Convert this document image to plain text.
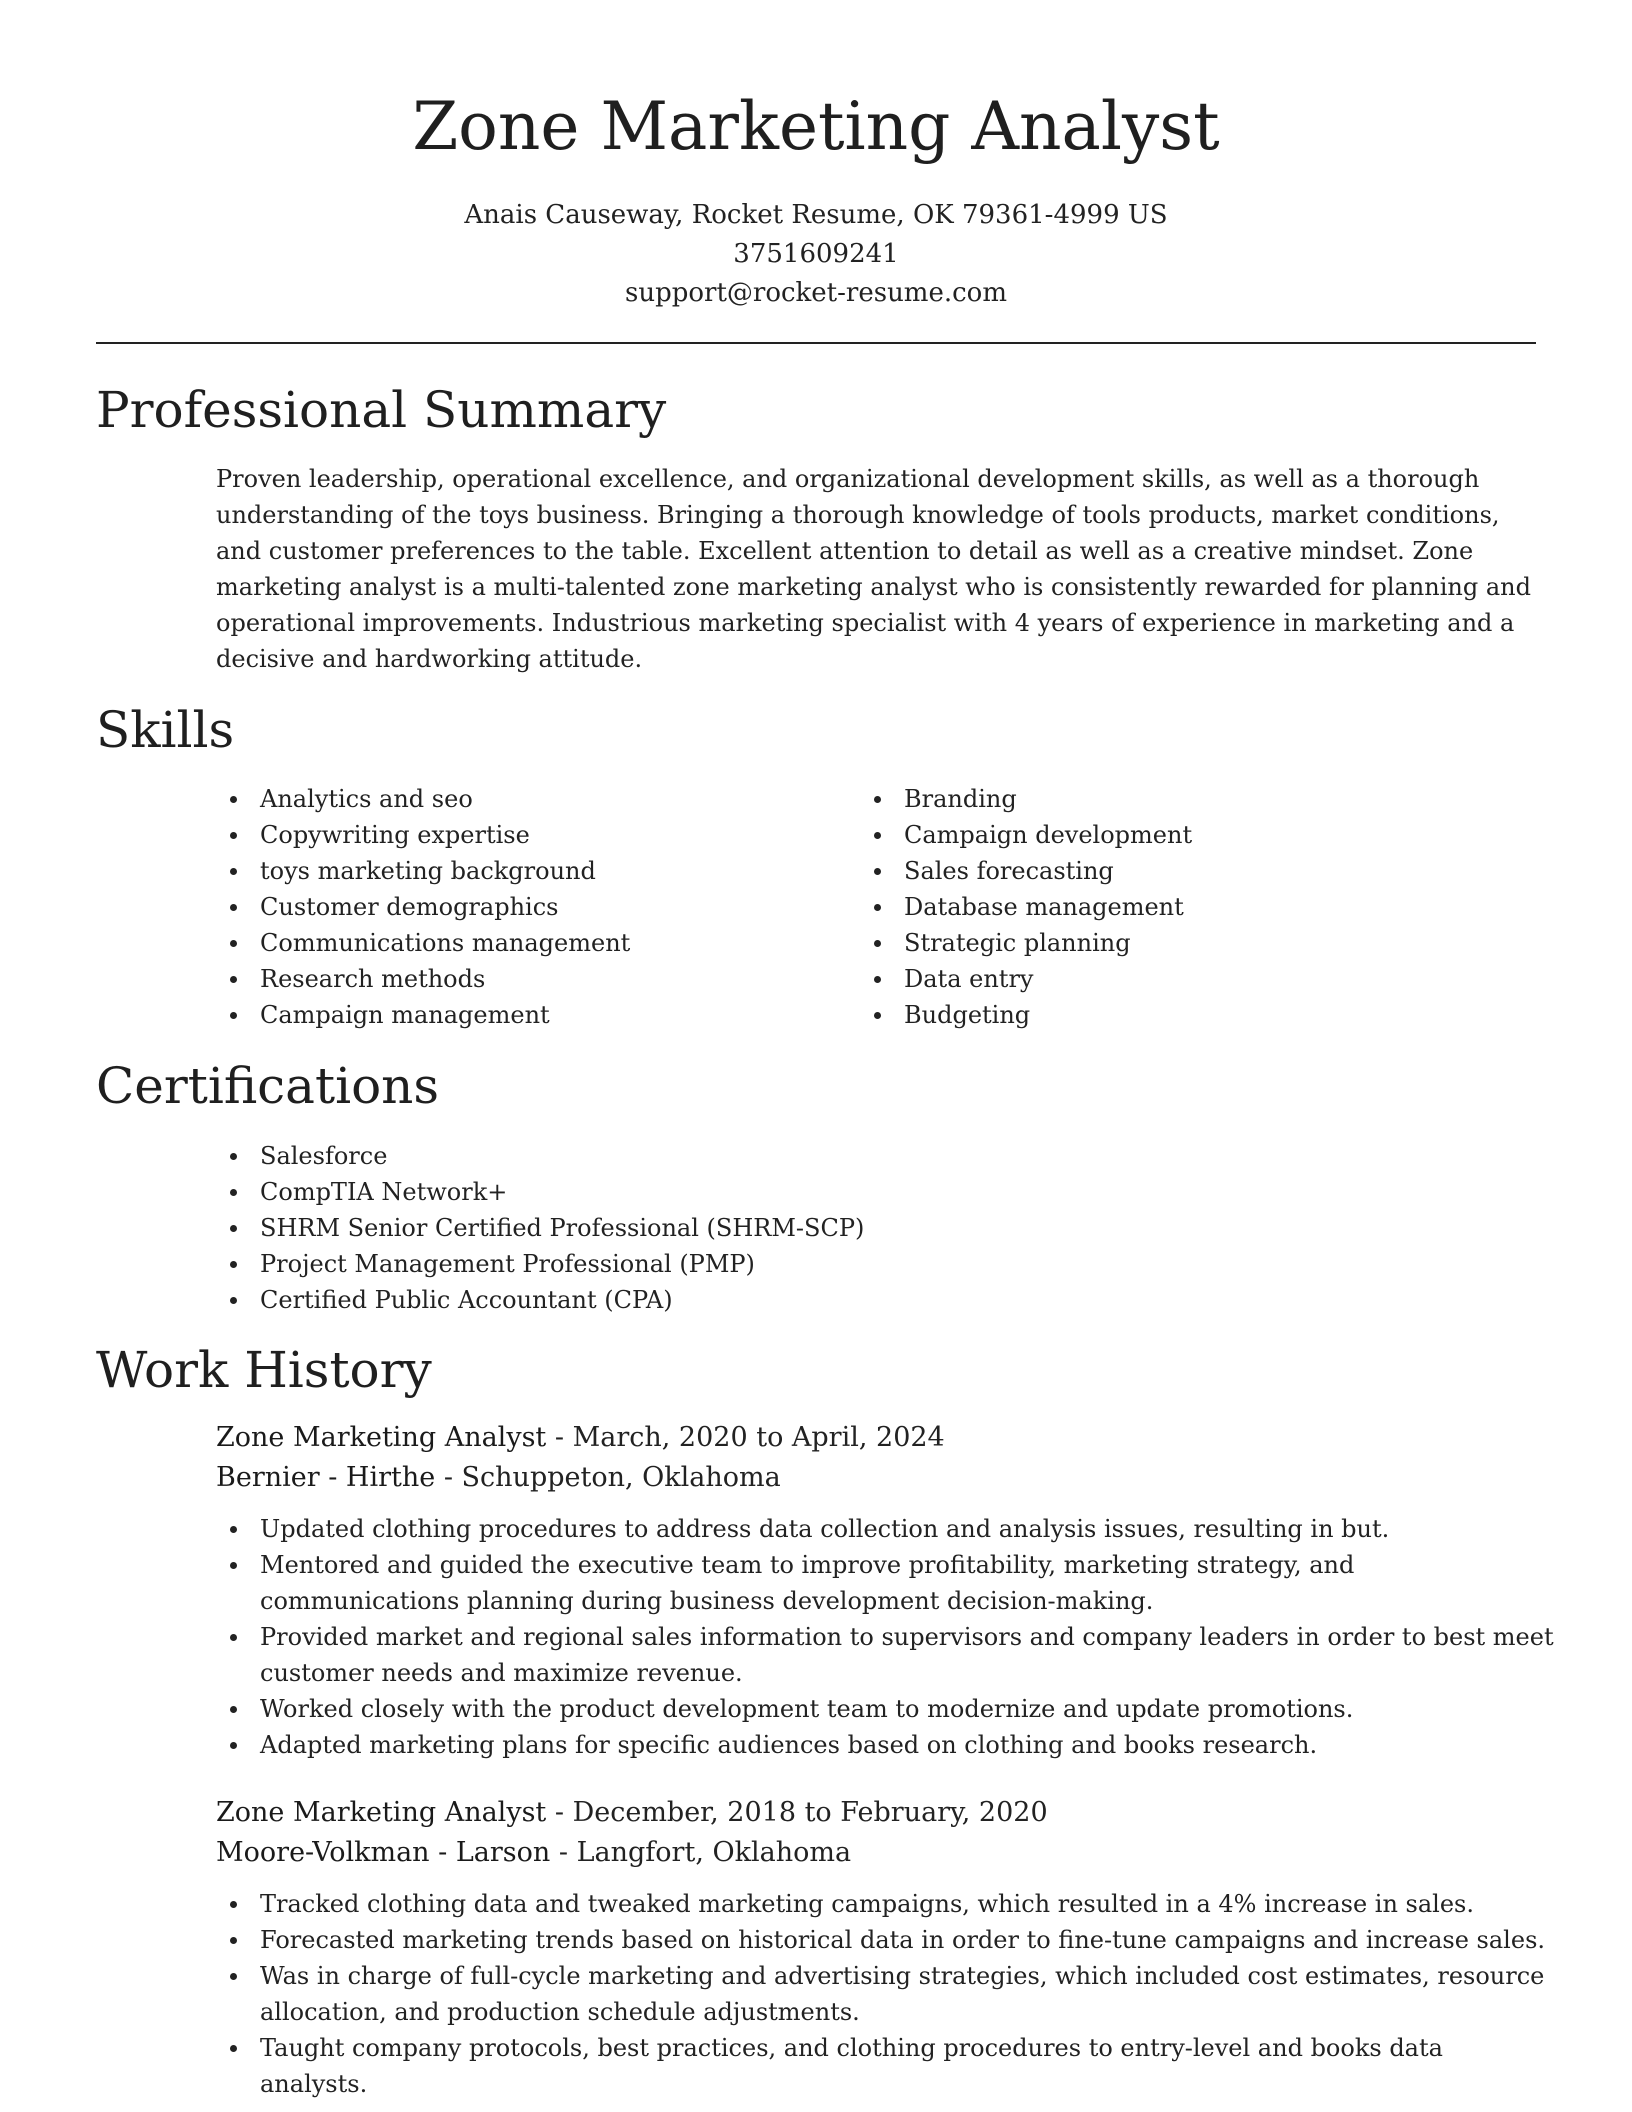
Zone Marketing Analyst
Anais Causeway, Rocket Resume, OK 79361-4999 US
3751609241
support@rocket-resume.com
Professional Summary

Proven leadership, operational excellence, and organizational development skills, as well as a thorough understanding of the toys business. Bringing a thorough knowledge of tools products, market conditions, and customer preferences to the table. Excellent attention to detail as well as a creative mindset. Zone marketing analyst is a multi-talented zone marketing analyst who is consistently rewarded for planning and operational improvements. Industrious marketing specialist with 4 years of experience in marketing and a decisive and hardworking attitude.

Skills
Analytics and seo
Copywriting expertise
toys marketing background
Customer demographics
Communications management
Research methods
Campaign management
Branding
Campaign development
Sales forecasting
Database management
Strategic planning
Data entry
Budgeting
Certifications
Salesforce
CompTIA Network+
SHRM Senior Certified Professional (SHRM-SCP)
Project Management Professional (PMP)
Certified Public Accountant (CPA)
Work History
Zone Marketing Analyst - March, 2020 to April, 2024
Bernier - Hirthe - Schuppeton, Oklahoma
Updated clothing procedures to address data collection and analysis issues, resulting in but.
Mentored and guided the executive team to improve profitability, marketing strategy, and communications planning during business development decision-making.
Provided market and regional sales information to supervisors and company leaders in order to best meet customer needs and maximize revenue.
Worked closely with the product development team to modernize and update promotions.
Adapted marketing plans for specific audiences based on clothing and books research.
Zone Marketing Analyst - December, 2018 to February, 2020
Moore-Volkman - Larson - Langfort, Oklahoma
Tracked clothing data and tweaked marketing campaigns, which resulted in a 4% increase in sales.
Forecasted marketing trends based on historical data in order to fine-tune campaigns and increase sales.
Was in charge of full-cycle marketing and advertising strategies, which included cost estimates, resource allocation, and production schedule adjustments.
Taught company protocols, best practices, and clothing procedures to entry-level and books data analysts.
